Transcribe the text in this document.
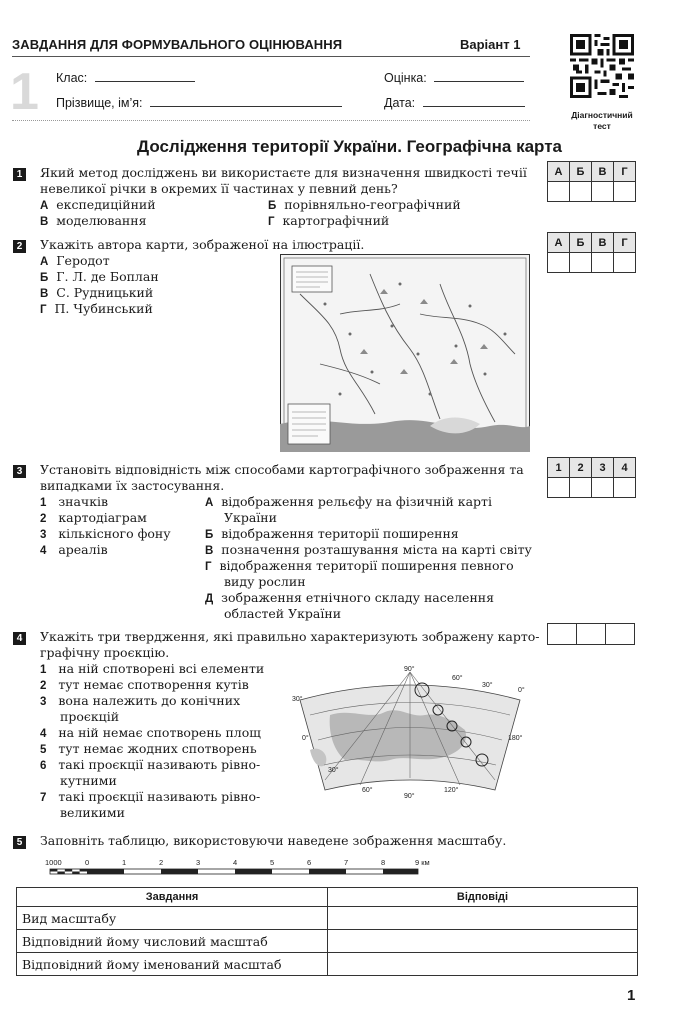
ЗАВДАННЯ ДЛЯ ФОРМУВАЛЬНОГО ОЦІНЮВАННЯ	Варіант 1
1 Клас:	Оцінка:
Прізвище, ім’я:	Дата:
Діагностичний
тест
Дослідження території України. Географічна карта
1 Який метод досліджень ви використаєте для визначення швидкості течії
невеликої річки в окремих її частинах у певний день?
А експедиційний	Б порівняльно-географічний
В моделювання	Г картографічний
А	Б	В	Г

2 Укажіть автора карти, зображеної на ілюстрації.
А Геродот
Б Г. Л. де Боплан
В С. Рудницький
Г П. Чубинський
А	Б	В	Г

3 Установіть відповідність між способами картографічного зображення та
випадками їх застосування.
1 значків
2 картодіаграм
3 кількісного фону
4 ареалів
А відображення рельєфу на фізичній карті
України
Б відображення території поширення
В позначення розташування міста на карті світу
Г відображення території поширення певного
виду рослин
Д зображення етнічного складу населення
областей України
1	2	3	4

4 Укажіть три твердження, які правильно характеризують зображену карто-
графічну проєкцію.
1 на ній спотворені всі елементи
2 тут немає спотворення кутів
3 вона належить до конічних
проєкцій
4 на ній немає спотворень площ
5 тут немає жодних спотворень
6 такі проєкції називають рівно-
кутними
7 такі проєкції називають рівно-
великими

90°
60°
30°
0°
30°
0°	180°
30°
60°
90°
120°
5 Заповніть таблицю, використовуючи наведене зображення масштабу.
1000	0	1	2	3	4	5	6	7	8	9 км
Завдання	Відповіді
Вид масштабу	
Відповідний йому числовий масштаб	
Відповідний йому іменований масштаб	
1
